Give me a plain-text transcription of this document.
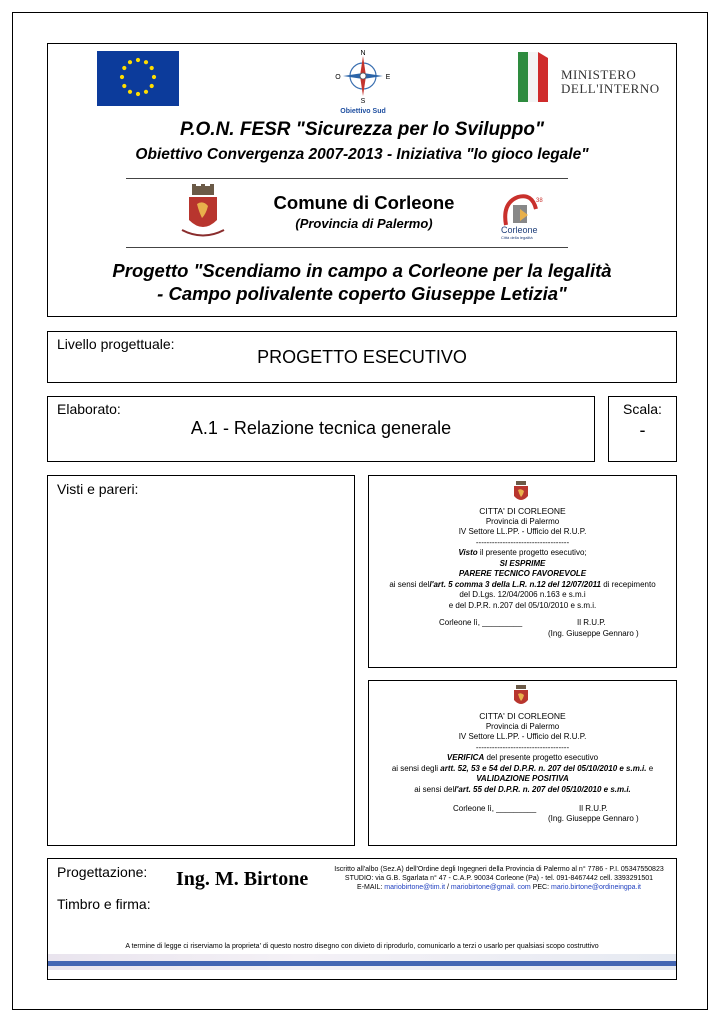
N
O	E
S
Obiettivo Sud
MINISTERO
DELL'INTERNO
P.O.N. FESR "Sicurezza per lo Sviluppo"
Obiettivo Convergenza 2007-2013 - Iniziativa "Io gioco legale"
Comune di Corleone
(Provincia di Palermo)
38
Corleone
Città della legalità
Progetto "Scendiamo in campo a Corleone per la legalità
- Campo polivalente coperto Giuseppe Letizia"
Livello progettuale:
PROGETTO ESECUTIVO
Elaborato:
A.1 - Relazione tecnica generale
Scala:
-
Visti e pareri:
CITTA' DI CORLEONE
Provincia di Palermo
IV Settore LL.PP. - Ufficio del R.U.P.
-----------------------------------
Visto il presente progetto esecutivo;
SI ESPRIME
PARERE TECNICO FAVOREVOLE
ai sensi dell'art. 5 comma 3 della L.R. n.12 del 12/07/2011 di recepimento
del D.Lgs. 12/04/2006 n.163 e s.m.i
e del D.P.R. n.207 del 05/10/2010 e s.m.i.
Corleone lì, _________	Il R.U.P.
(Ing. Giuseppe Gennaro )
CITTA' DI CORLEONE
Provincia di Palermo
IV Settore LL.PP. - Ufficio del R.U.P.
-----------------------------------
VERIFICA del presente progetto esecutivo
ai sensi degli artt. 52, 53 e 54 del D.P.R. n. 207 del 05/10/2010 e s.m.i. e
VALIDAZIONE POSITIVA
ai sensi dell'art. 55 del D.P.R. n. 207 del 05/10/2010 e s.m.i.
Corleone lì, _________	Il R.U.P.
(Ing. Giuseppe Gennaro )
Progettazione: Ing. M. Birtone	Iscritto all'albo (Sez.A) dell'Ordine degli Ingegneri della Provincia di Palermo al n° 7786 - P.I. 05347550823
STUDIO: via G.B. Sgarlata n° 47 - C.A.P. 90034 Corleone (Pa) - tel. 091-8467442 cell. 3393291501
E-MAIL: mariobirtone@tim.it / mariobirtone@gmail. com PEC: mario.birtone@ordineingpa.it
Timbro e firma:
A termine di legge ci riserviamo la proprieta' di questo nostro disegno con divieto di riprodurlo, comunicarlo a terzi o usarlo per qualsiasi scopo costruttivo
